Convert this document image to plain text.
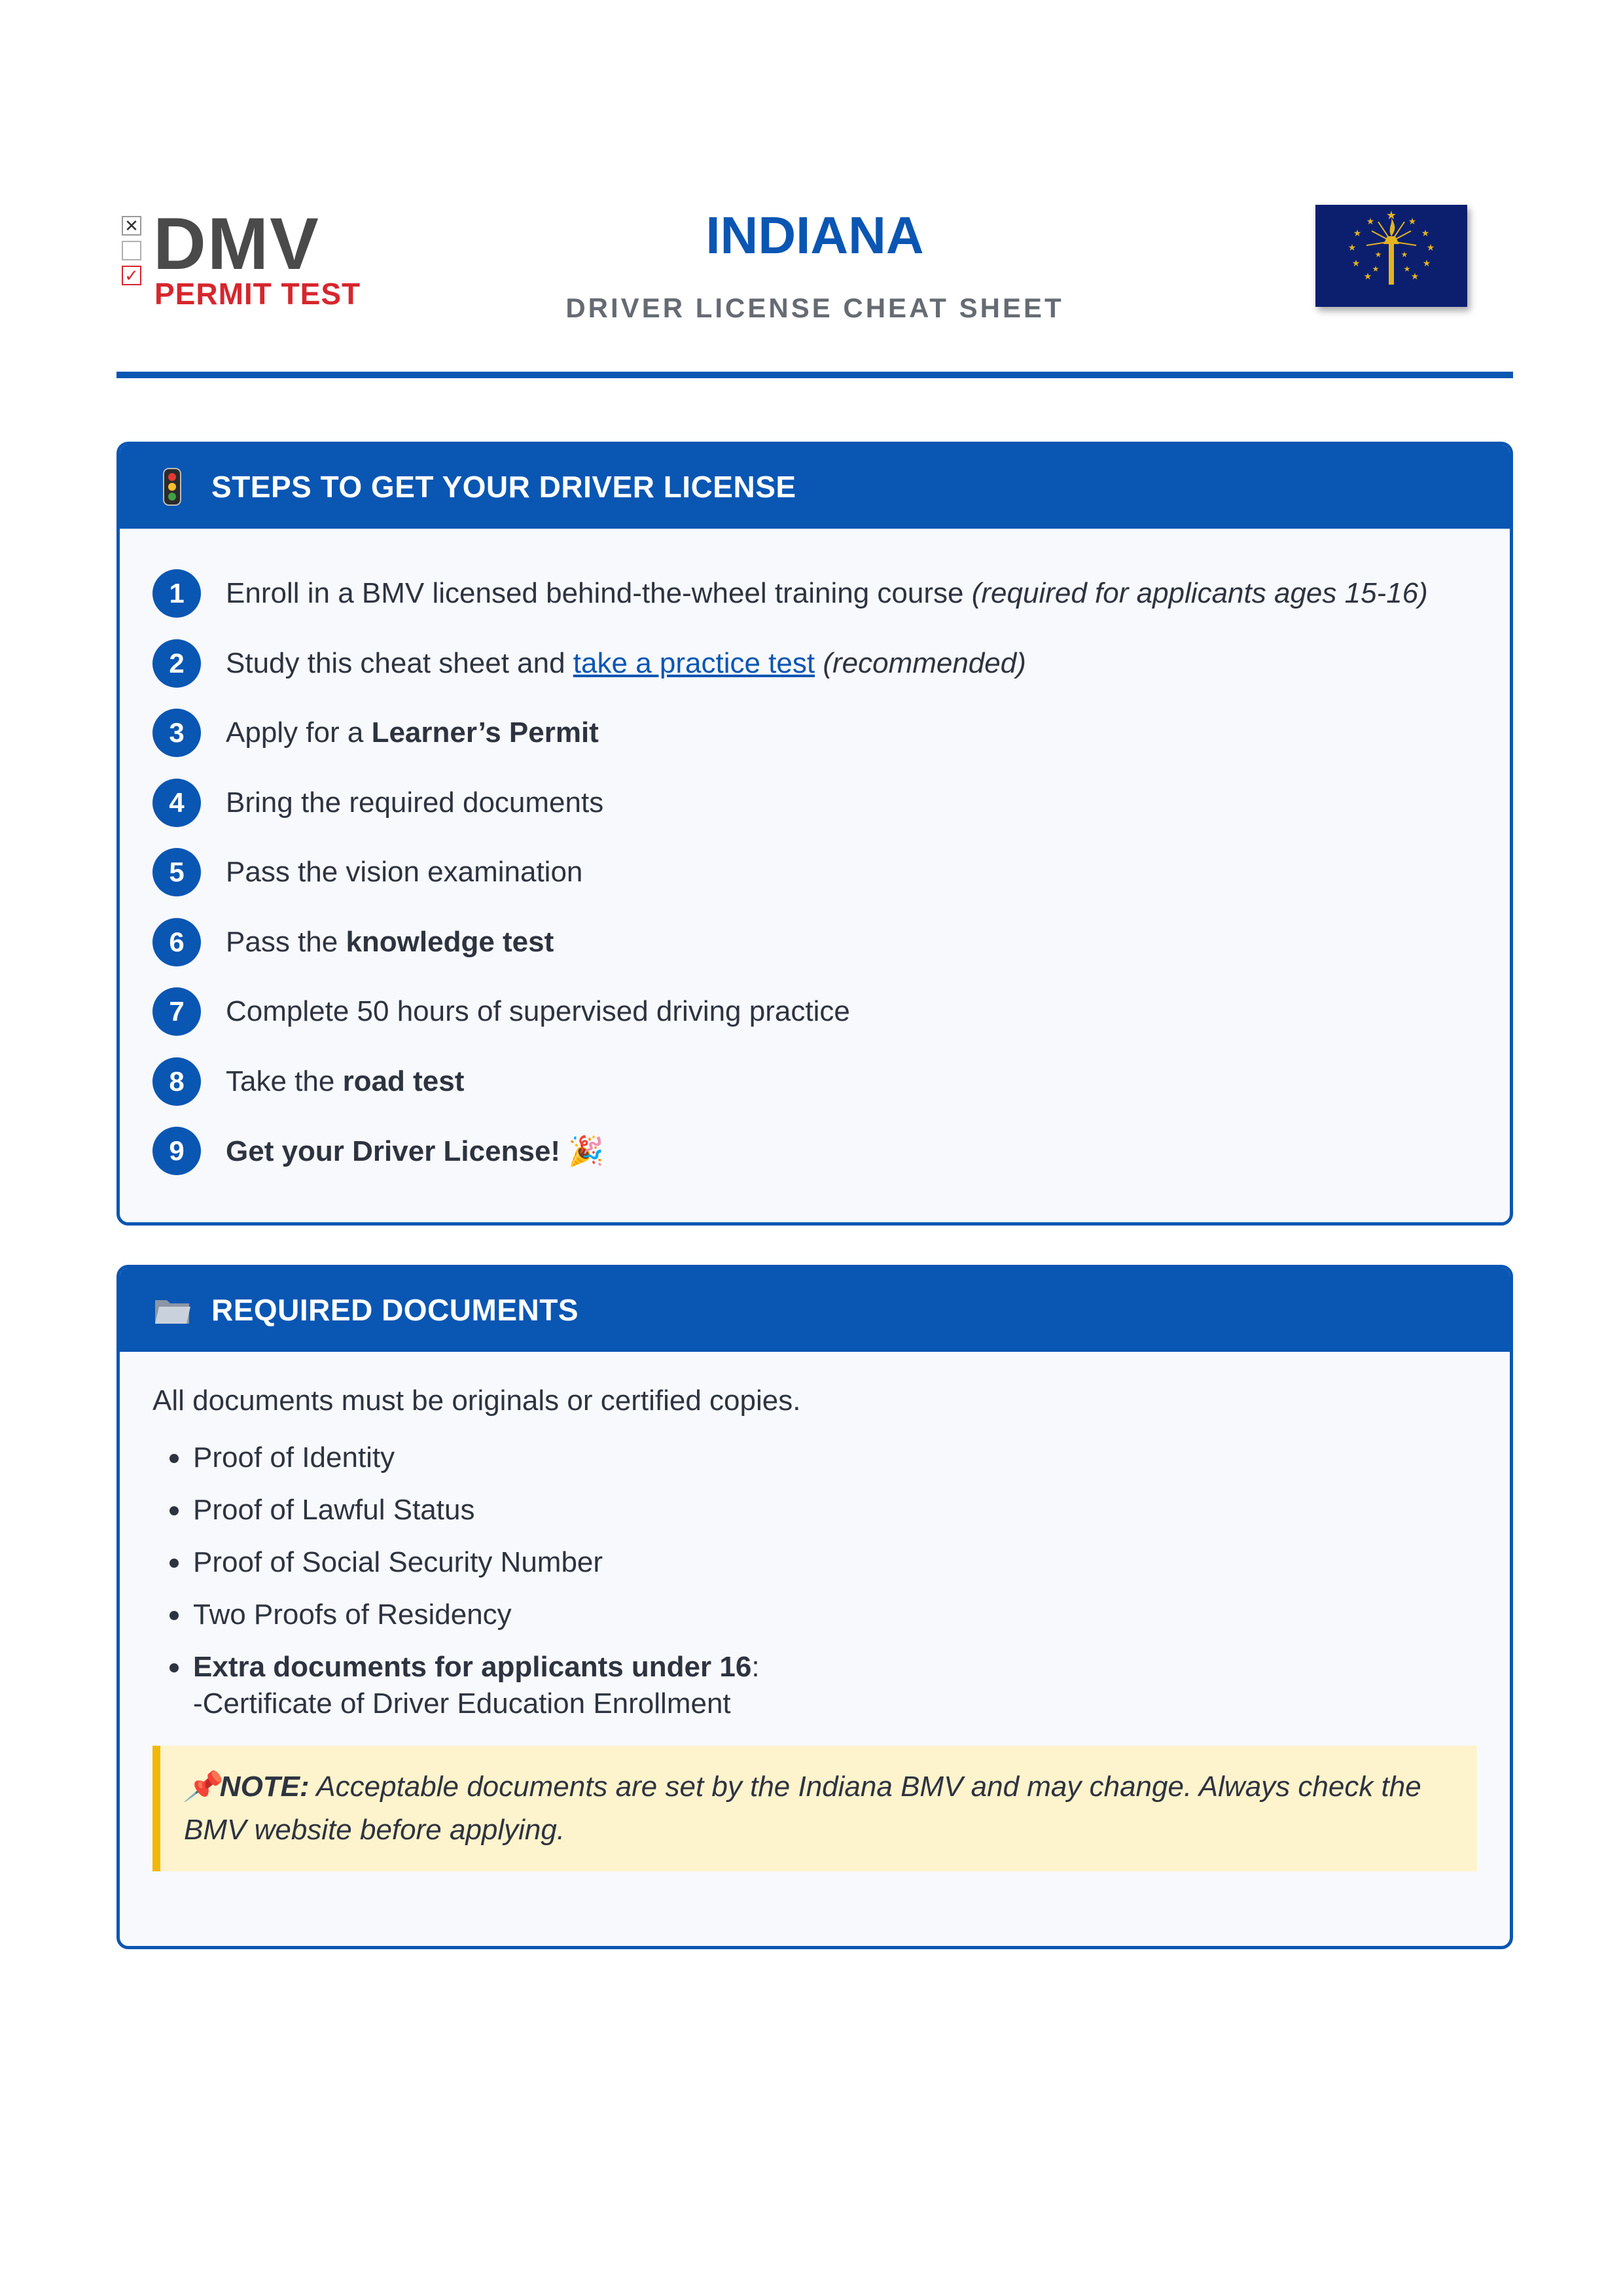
✕
✓ DMV
PERMIT TEST
INDIANA
DRIVER LICENSE CHEAT SHEET
★
★	★
★	★
★	★
★	★
★	★
★ ★
★	★
STEPS TO GET YOUR DRIVER LICENSE
1	Enroll in a BMV licensed behind-the-wheel training course (required for applicants ages 15-16)
2	Study this cheat sheet and take a practice test (recommended)
3	Apply for a Learner’s Permit
4	Bring the required documents
5	Pass the vision examination
6	Pass the knowledge test
7	Complete 50 hours of supervised driving practice
8	Take the road test
9	Get your Driver License! 🎉
REQUIRED DOCUMENTS
All documents must be originals or certified copies.
Proof of Identity
Proof of Lawful Status
Proof of Social Security Number
Two Proofs of Residency
Extra documents for applicants under 16:
-Certificate of Driver Education Enrollment
📌NOTE: Acceptable documents are set by the Indiana BMV and may change. Always check the BMV website before applying.
